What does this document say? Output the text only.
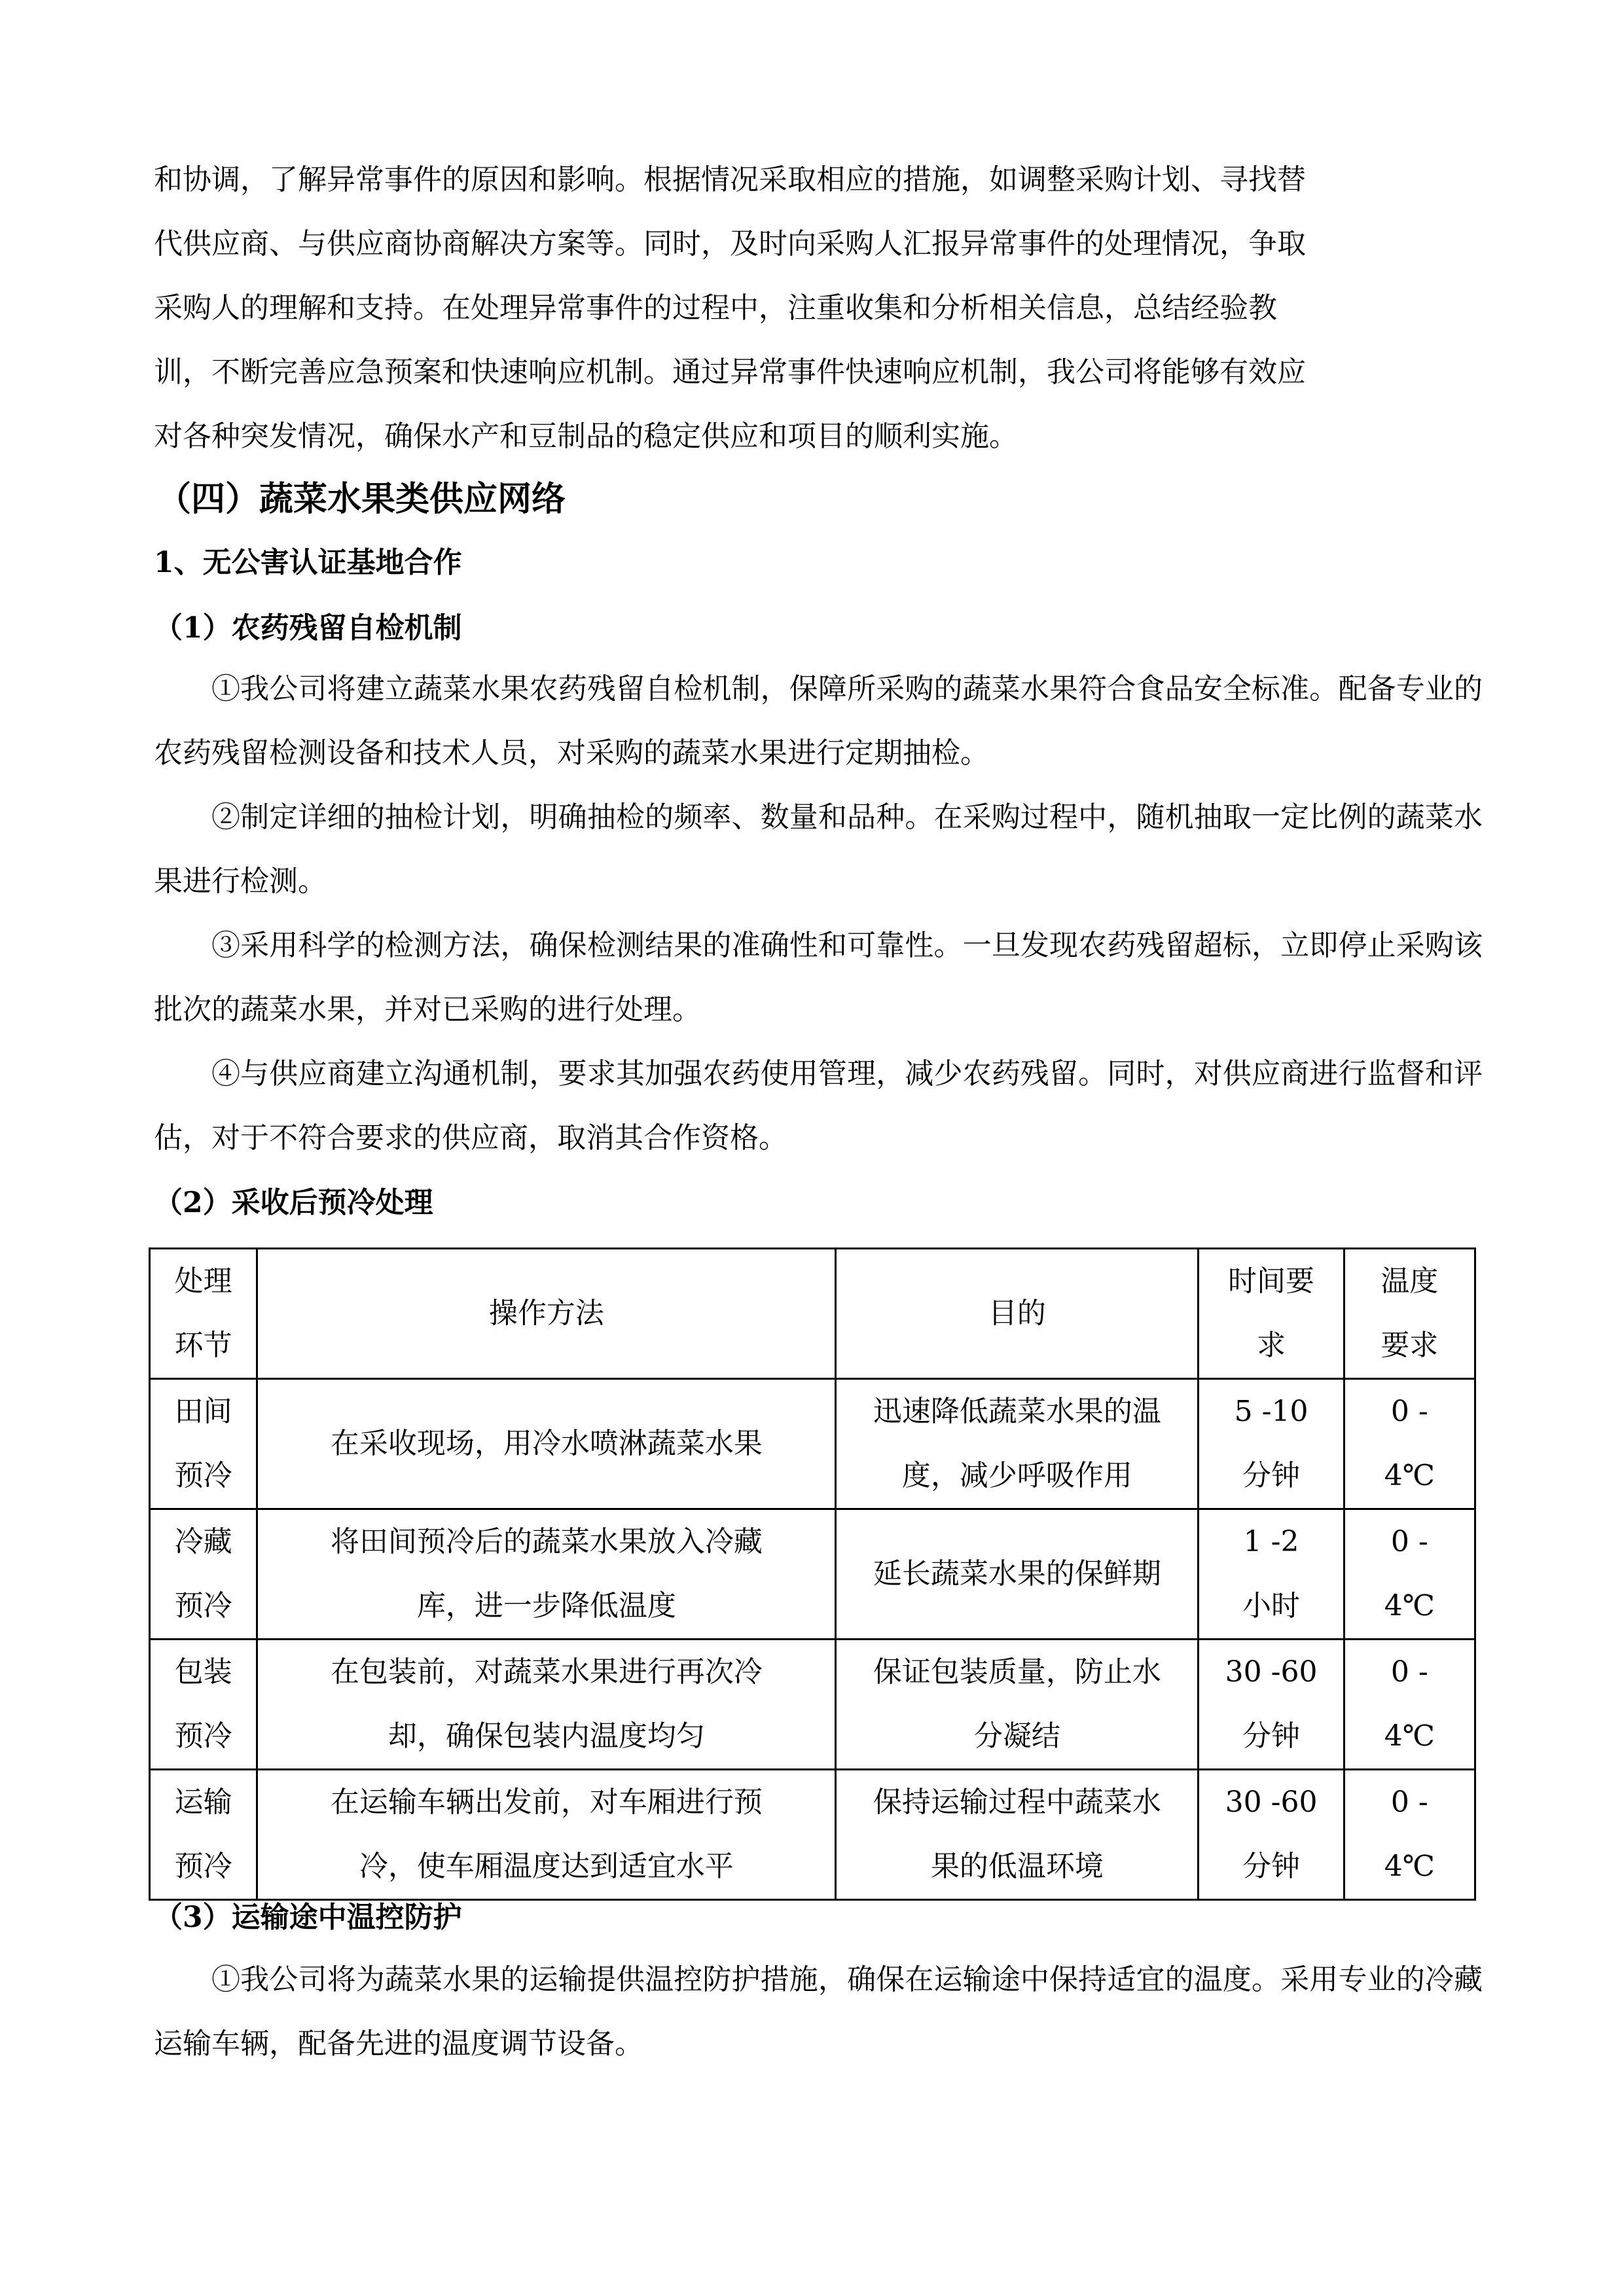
和协调，了解异常事件的原因和影响。根据情况采取相应的措施，如调整采购计划、寻找替

代供应商、与供应商协商解决方案等。同时，及时向采购人汇报异常事件的处理情况，争取

采购人的理解和支持。在处理异常事件的过程中，注重收集和分析相关信息，总结经验教

训，不断完善应急预案和快速响应机制。通过异常事件快速响应机制，我公司将能够有效应

对各种突发情况，确保水产和豆制品的稳定供应和项目的顺利实施。

（四）蔬菜水果类供应网络
1、无公害认证基地合作
（1）农药残留自检机制

①我公司将建立蔬菜水果农药残留自检机制，保障所采购的蔬菜水果符合食品安全标准。配备专业的农药残留检测设备和技术人员，对采购的蔬菜水果进行定期抽检。

②制定详细的抽检计划，明确抽检的频率、数量和品种。在采购过程中，随机抽取一定比例的蔬菜水果进行检测。

③采用科学的检测方法，确保检测结果的准确性和可靠性。一旦发现农药残留超标，立即停止采购该批次的蔬菜水果，并对已采购的进行处理。

④与供应商建立沟通机制，要求其加强农药使用管理，减少农药残留。同时，对供应商进行监督和评估，对于不符合要求的供应商，取消其合作资格。

（2）采收后预冷处理
处理
环节	操作方法	目的	时间要
求	温度
要求

田间
预冷	在采收现场，用冷水喷淋蔬菜水果	迅速降低蔬菜水果的温
度，减少呼吸作用	5 -10
分钟	0 -
4℃

冷藏
预冷	将田间预冷后的蔬菜水果放入冷藏
库，进一步降低温度	延长蔬菜水果的保鲜期	1 -2
小时	0 -
4℃

包装
预冷	在包装前，对蔬菜水果进行再次冷
却，确保包装内温度均匀	保证包装质量，防止水
分凝结	30 -60
分钟	0 -
4℃

运输
预冷	在运输车辆出发前，对车厢进行预
冷，使车厢温度达到适宜水平	保持运输过程中蔬菜水
果的低温环境	30 -60
分钟	0 -
4℃
（3）运输途中温控防护

①我公司将为蔬菜水果的运输提供温控防护措施，确保在运输途中保持适宜的温度。采用专业的冷藏运输车辆，配备先进的温度调节设备。
